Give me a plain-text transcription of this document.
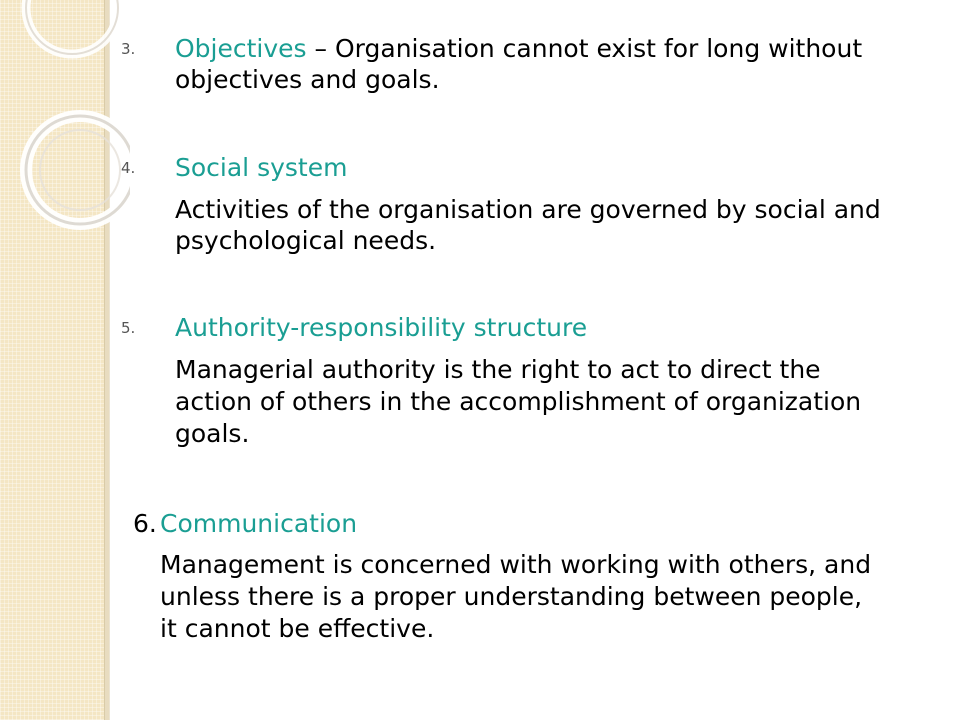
3. Objectives – Organisation cannot exist for long without
objectives and goals.
4. Social system
Activities of the organisation are governed by social and
psychological needs.
5. Authority-responsibility structure
Managerial authority is the right to act to direct the
action of others in the accomplishment of organization
goals.
6. Communication
Management is concerned with working with others, and
unless there is a proper understanding between people,
it cannot be effective.
